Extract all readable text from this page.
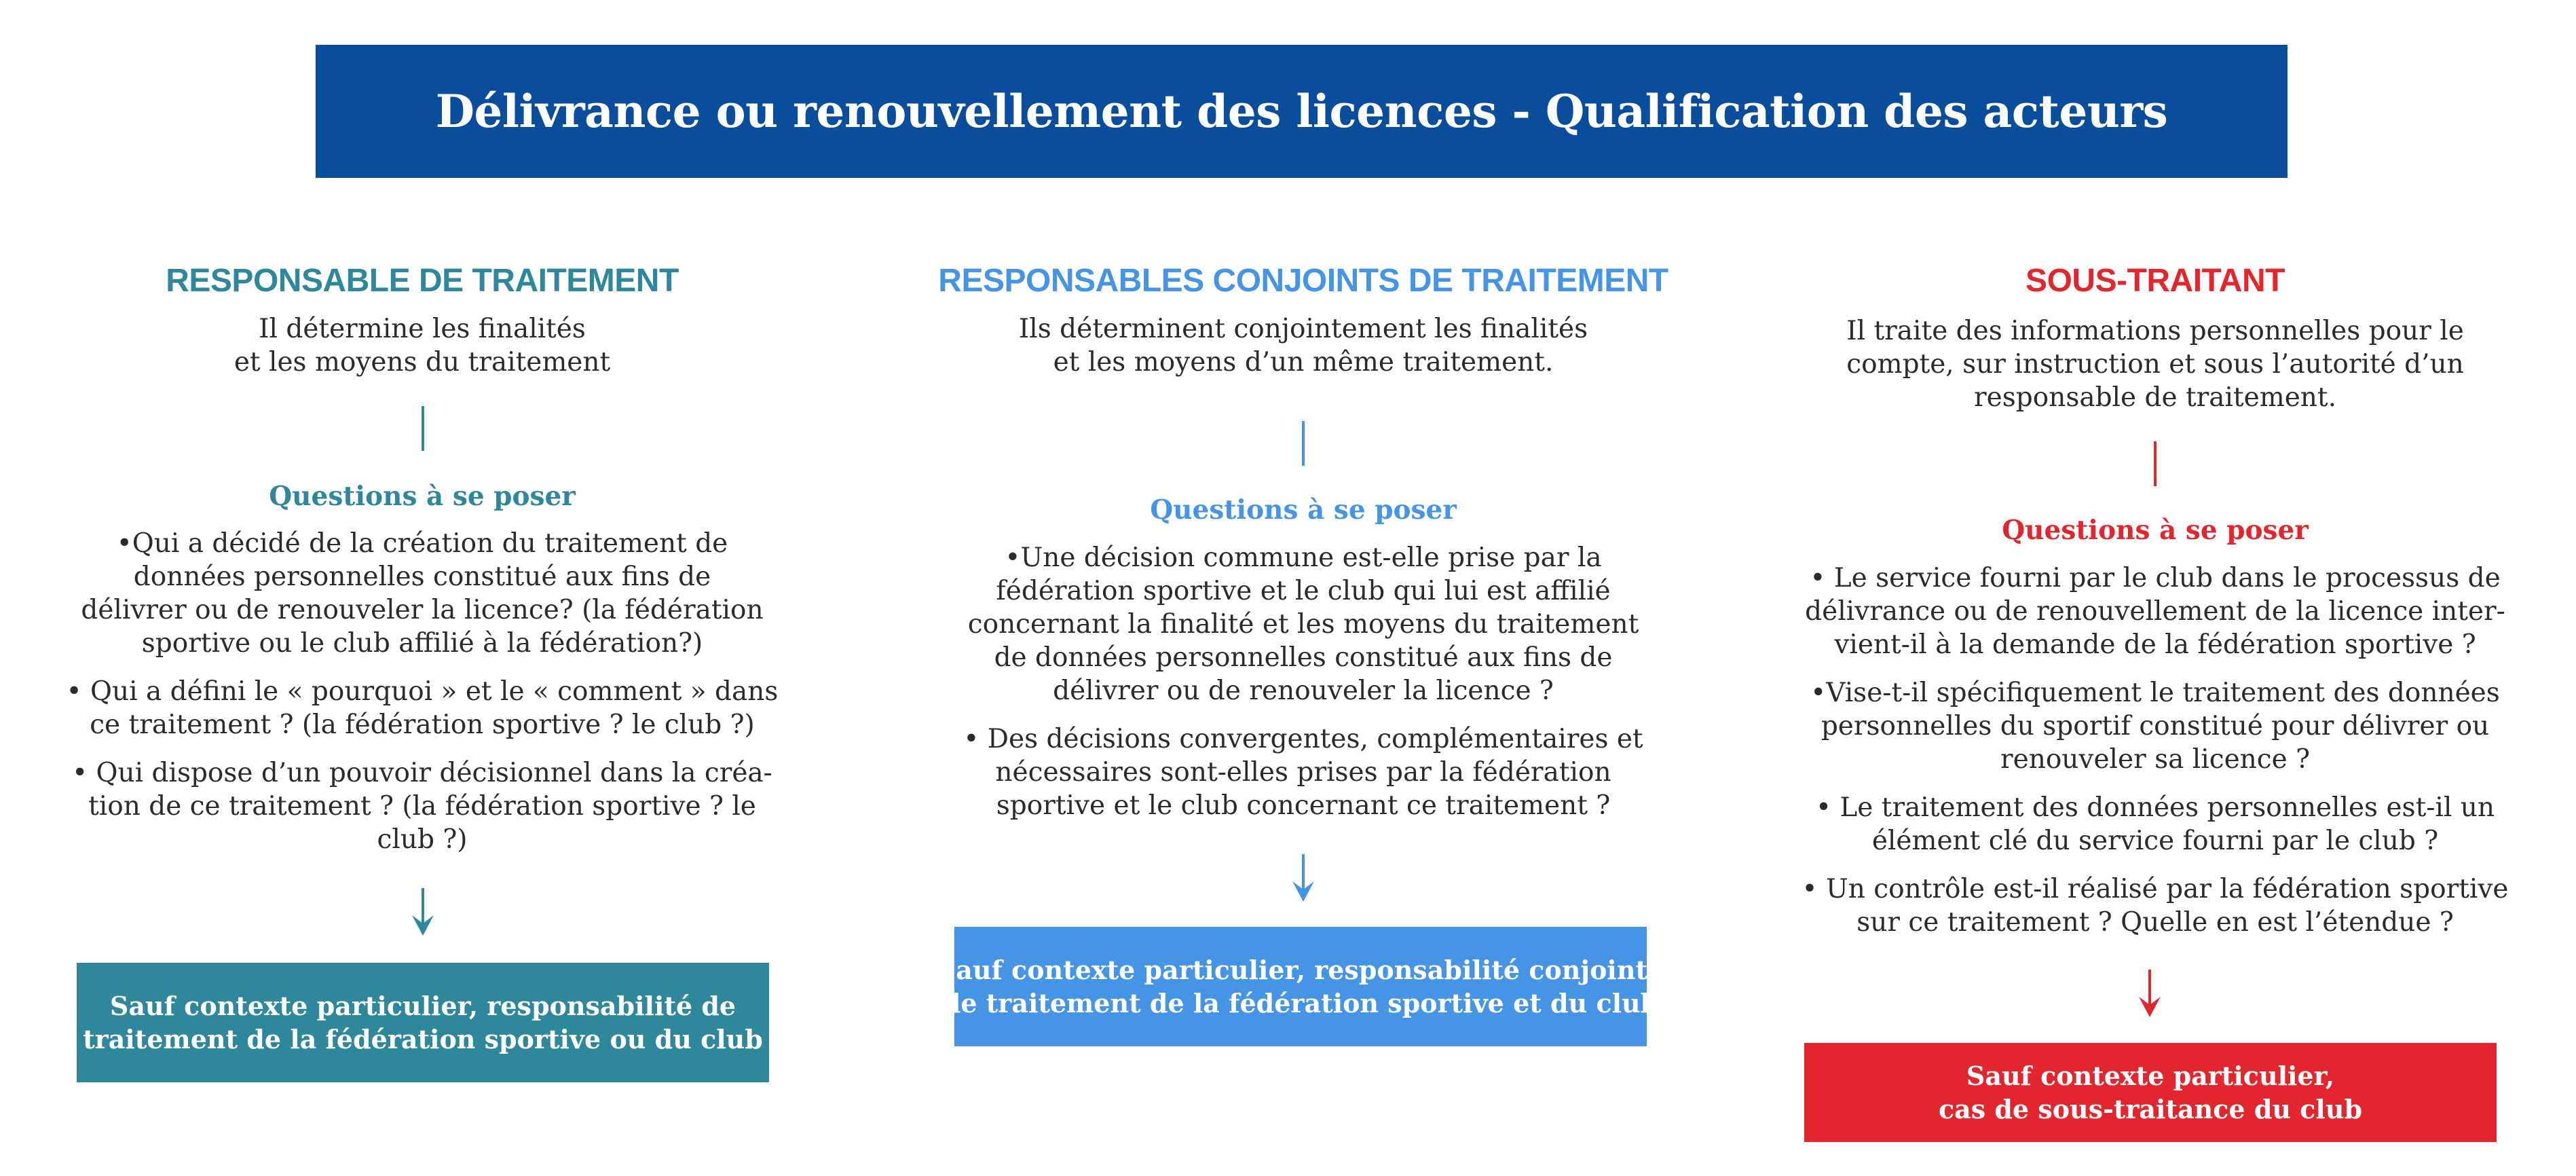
Délivrance ou renouvellement des licences - Qualification des acteurs
RESPONSABLE DE TRAITEMENT
Il détermine les finalités
et les moyens du traitement
Questions à se poser
•Qui a décidé de la création du traitement de
données personnelles constitué aux fins de
délivrer ou de renouveler la licence? (la fédération
sportive ou le club affilié à la fédération?)
• Qui a défini le « pourquoi » et le « comment » dans
ce traitement ? (la fédération sportive ? le club ?)
• Qui dispose d’un pouvoir décisionnel dans la créa-
tion de ce traitement ? (la fédération sportive ? le
club ?)
Sauf contexte particulier, responsabilité de
traitement de la fédération sportive ou du club
RESPONSABLES CONJOINTS DE TRAITEMENT
Ils déterminent conjointement les finalités
et les moyens d’un même traitement.
Questions à se poser
•Une décision commune est-elle prise par la
fédération sportive et le club qui lui est affilié
concernant la finalité et les moyens du traitement
de données personnelles constitué aux fins de
délivrer ou de renouveler la licence ?
• Des décisions convergentes, complémentaires et
nécessaires sont-elles prises par la fédération
sportive et le club concernant ce traitement ?
Sauf contexte particulier, responsabilité conjointe
de traitement de la fédération sportive et du club
SOUS-TRAITANT
Il traite des informations personnelles pour le
compte, sur instruction et sous l’autorité d’un
responsable de traitement.
Questions à se poser
• Le service fourni par le club dans le processus de
délivrance ou de renouvellement de la licence inter-
vient-il à la demande de la fédération sportive ?
•Vise-t-il spécifiquement le traitement des données
personnelles du sportif constitué pour délivrer ou
renouveler sa licence ?
• Le traitement des données personnelles est-il un
élément clé du service fourni par le club ?
• Un contrôle est-il réalisé par la fédération sportive
sur ce traitement ? Quelle en est l’étendue ?
Sauf contexte particulier,
cas de sous-traitance du club
